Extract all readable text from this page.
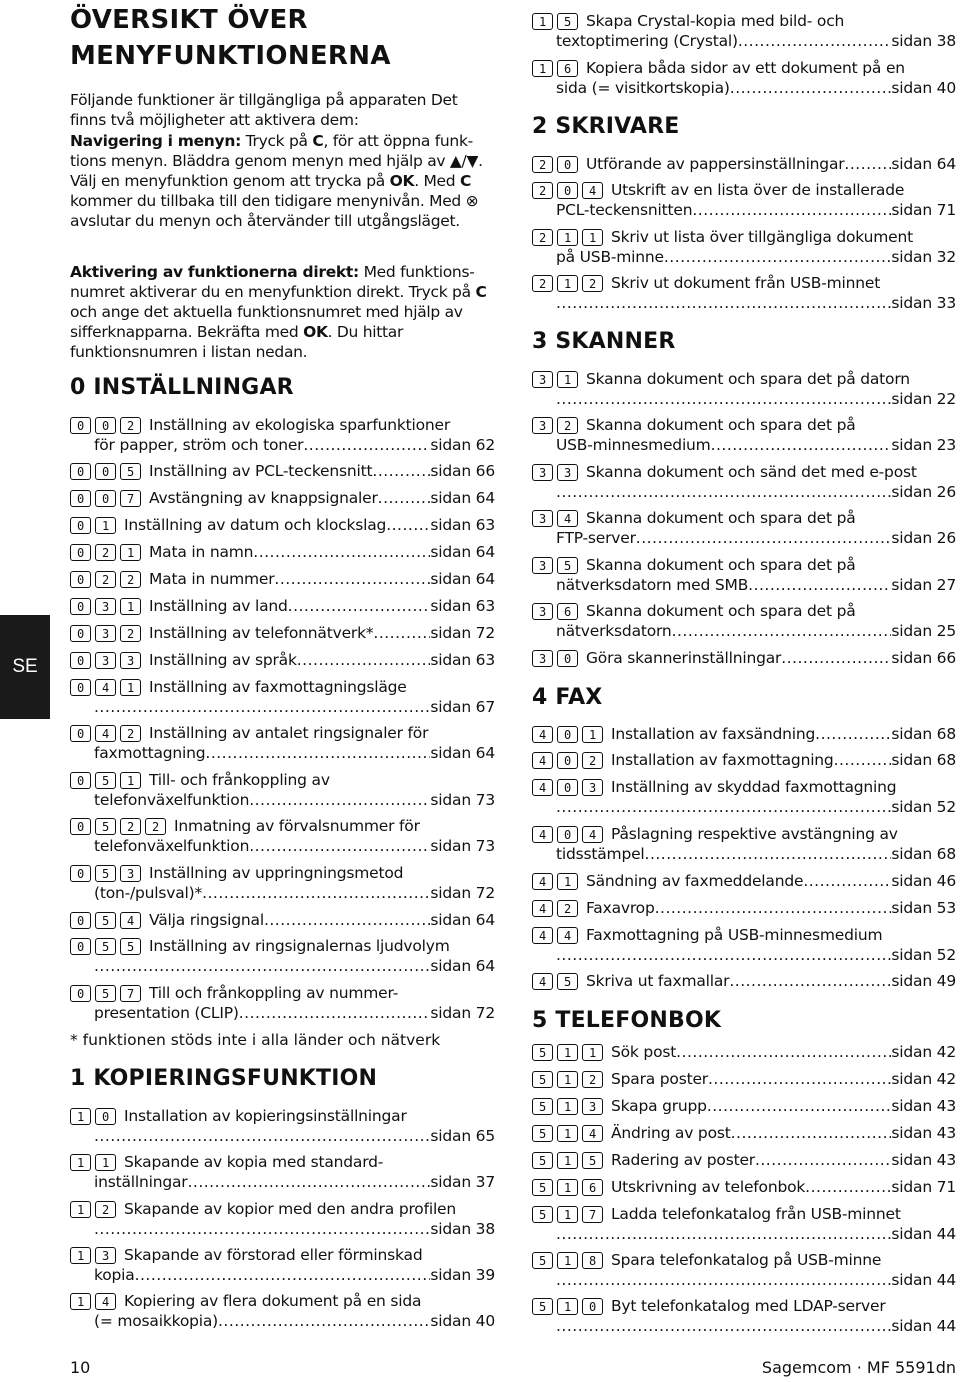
SE
ÖVERSIKT ÖVER
MENYFUNKTIONERNA
Följande funktioner är tillgängliga på apparaten Det finns två möjligheter att aktivera dem:
Navigering i menyn: Tryck på C, för att öppna funk-tions menyn. Bläddra genom menyn med hjälp av ▲/▼. Välj en menyfunktion genom att trycka på OK. Med C kommer du tillbaka till den tidigare menynivån. Med ⊗ avslutar du menyn och återvänder till utgångsläget.
Aktivering av funktionerna direkt: Med funktions-numret aktiverar du en menyfunktion direkt. Tryck på C och ange det aktuella funktionsnumret med hjälp av sifferknapparna. Bekräfta med OK. Du hittar funktionsnumren i listan nedan.
0 INSTÄLLNINGAR
1 KOPIERINGSFUNKTION
2 SKRIVARE
3 SKANNER
4 FAX
5 TELEFONBOK
0	0	2 Inställning av ekologiska sparfunktioner
för papper, ström och toner .....	sidan 62
0	0	5 Inställning av PCL-teckensnitt .....	sidan 66
0	0	7 Avstängning av knappsignaler .....	sidan 64
0	1 Inställning av datum och klockslag .....	sidan 63
0	2	1 Mata in namn .....	sidan 64
0	2	2 Mata in nummer .....	sidan 64
0	3	1 Inställning av land .....	sidan 63
0	3	2 Inställning av telefonnätverk* .....	sidan 72
0	3	3 Inställning av språk .....	sidan 63
0	4	1 Inställning av faxmottagningsläge
.....
sidan 67
0	4	2 Inställning av antalet ringsignaler för
faxmottagning .....	sidan 64
0	5	1 Till- och frånkoppling av
telefonväxelfunktion .....	sidan 73
0	5	2	2 Inmatning av förvalsnummer för
telefonväxelfunktion .....	sidan 73
0	5	3 Inställning av uppringningsmetod
(ton-/pulsval)* .....	sidan 72
0	5	4 Välja ringsignal .....	sidan 64
0	5	5 Inställning av ringsignalernas ljudvolym
.....
sidan 64
0	5	7 Till och frånkoppling av nummer-
presentation (CLIP) .....	sidan 72
1	0 Installation av kopieringsinställningar
.....
sidan 65
1	1 Skapande av kopia med standard-
inställningar .....	sidan 37
1	2 Skapande av kopior med den andra profilen
.....
sidan 38
1	3 Skapande av förstorad eller förminskad
kopia .....	sidan 39
1	4 Kopiering av flera dokument på en sida
(= mosaikkopia) .....	sidan 40
1	5 Skapa Crystal-kopia med bild- och
textoptimering (Crystal) .....	sidan 38
1	6 Kopiera båda sidor av ett dokument på en
sida (= visitkortskopia) .....	sidan 40
2	0 Utförande av pappersinställningar .....	sidan 64
2	0	4 Utskrift av en lista över de installerade
PCL-teckensnitten .....	sidan 71
2	1	1 Skriv ut lista över tillgängliga dokument
på USB-minne .....	sidan 32
2	1	2 Skriv ut dokument från USB-minnet
.....
sidan 33
3	1 Skanna dokument och spara det på datorn
.....
sidan 22
3	2 Skanna dokument och spara det på
USB-minnesmedium .....	sidan 23
3	3 Skanna dokument och sänd det med e-post
.....
sidan 26
3	4 Skanna dokument och spara det på
FTP-server .....	sidan 26
3	5 Skanna dokument och spara det på
nätverksdatorn med SMB .....	sidan 27
3	6 Skanna dokument och spara det på
nätverksdatorn .....	sidan 25
3	0 Göra skannerinställningar .....	sidan 66
4	0	1 Installation av faxsändning .....	sidan 68
4	0	2 Installation av faxmottagning .....	sidan 68
4	0	3 Inställning av skyddad faxmottagning
.....
sidan 52
4	0	4 Påslagning respektive avstängning av
tidsstämpel .....	sidan 68
4	1 Sändning av faxmeddelande .....	sidan 46
4	2 Faxavrop .....	sidan 53
4	4 Faxmottagning på USB-minnesmedium
.....
sidan 52
4	5 Skriva ut faxmallar .....	sidan 49
5	1	1 Sök post .....	sidan 42
5	1	2 Spara poster .....	sidan 42
5	1	3 Skapa grupp .....	sidan 43
5	1	4 Ändring av post .....	sidan 43
5	1	5 Radering av poster .....	sidan 43
5	1	6 Utskrivning av telefonbok .....	sidan 71
5	1	7 Ladda telefonkatalog från USB-minnet
.....
sidan 44
5	1	8 Spara telefonkatalog på USB-minne
.....
sidan 44
5	1	0 Byt telefonkatalog med LDAP-server
.....
sidan 44
* funktionen stöds inte i alla länder och nätverk
10	Sagemcom · MF 5591dn
